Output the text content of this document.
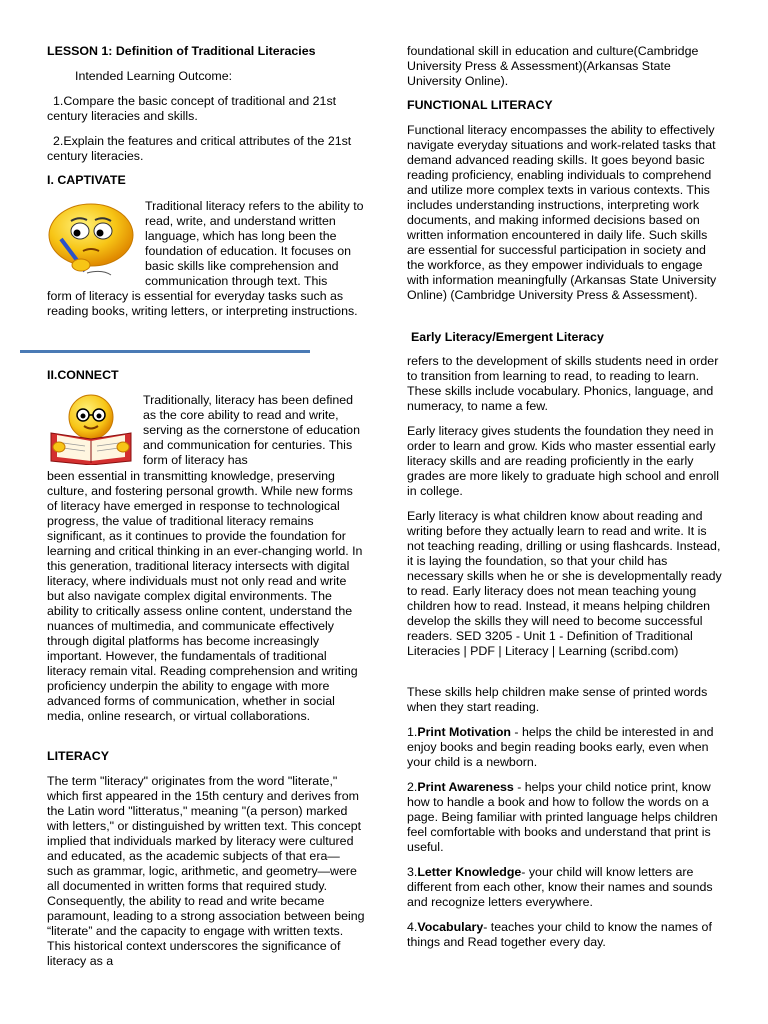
LESSON 1: Definition of Traditional Literacies

Intended Learning Outcome:

1.Compare the basic concept of traditional and 21st century literacies and skills.

2.Explain the features and critical attributes of the 21st century literacies.

I. CAPTIVATE

Traditional literacy refers to the ability to read, write, and understand written language, which has long been the foundation of education. It focuses on basic skills like comprehension and communication through text. This

form of literacy is essential for everyday tasks such as reading books, writing letters, or interpreting instructions.

II.CONNECT

Traditionally, literacy has been defined as the core ability to read and write, serving as the cornerstone of education and communication for centuries. This form of literacy has

been essential in transmitting knowledge, preserving culture, and fostering personal growth. While new forms of literacy have emerged in response to technological progress, the value of traditional literacy remains significant, as it continues to provide the foundation for learning and critical thinking in an ever-changing world. In this generation, traditional literacy intersects with digital literacy, where individuals must not only read and write but also navigate complex digital environments. The ability to critically assess online content, understand the nuances of multimedia, and communicate effectively through digital platforms has become increasingly important. However, the fundamentals of traditional literacy remain vital. Reading comprehension and writing proficiency underpin the ability to engage with more advanced forms of communication, whether in social media, online research, or virtual collaborations.

LITERACY

The term "literacy" originates from the word "literate," which first appeared in the 15th century and derives from the Latin word "litteratus," meaning "(a person) marked with letters," or distinguished by written text. This concept implied that individuals marked by literacy were cultured and educated, as the academic subjects of that era—such as grammar, logic, arithmetic, and geometry—were all documented in written forms that required study. Consequently, the ability to read and write became paramount, leading to a strong association between being “literate” and the capacity to engage with written texts. This historical context underscores the significance of literacy as a

foundational skill in education and culture(Cambridge University Press & Assessment)(Arkansas State University Online).

FUNCTIONAL LITERACY

Functional literacy encompasses the ability to effectively navigate everyday situations and work-related tasks that demand advanced reading skills. It goes beyond basic reading proficiency, enabling individuals to comprehend and utilize more complex texts in various contexts. This includes understanding instructions, interpreting work documents, and making informed decisions based on written information encountered in daily life. Such skills are essential for successful participation in society and the workforce, as they empower individuals to engage with information meaningfully (Arkansas State University Online) (Cambridge University Press & Assessment).

Early Literacy/Emergent Literacy

refers to the development of skills students need in order to transition from learning to read, to reading to learn. These skills include vocabulary. Phonics, language, and numeracy, to name a few.

Early literacy gives students the foundation they need in order to learn and grow. Kids who master essential early literacy skills and are reading proficiently in the early grades are more likely to graduate high school and enroll in college.

Early literacy is what children know about reading and writing before they actually learn to read and write. It is not teaching reading, drilling or using flashcards. Instead, it is laying the foundation, so that your child has necessary skills when he or she is developmentally ready to read. Early literacy does not mean teaching young children how to read. Instead, it means helping children develop the skills they will need to become successful readers. SED 3205 - Unit 1 - Definition of Traditional Literacies | PDF | Literacy | Learning (scribd.com)

These skills help children make sense of printed words when they start reading.

1.Print Motivation - helps the child be interested in and enjoy books and begin reading books early, even when your child is a newborn.

2.Print Awareness - helps your child notice print, know how to handle a book and how to follow the words on a page. Being familiar with printed language helps children feel comfortable with books and understand that print is useful.

3.Letter Knowledge- your child will know letters are different from each other, know their names and sounds and recognize letters everywhere.

4.Vocabulary- teaches your child to know the names of things and Read together every day.
